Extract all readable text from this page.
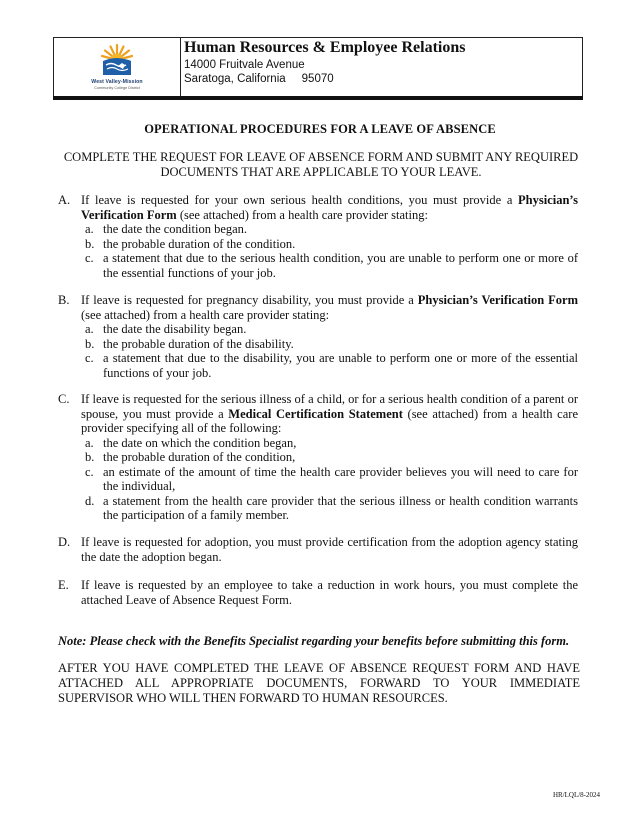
West Valley-Mission
Community College District
Human Resources & Employee Relations
14000 Fruitvale Avenue
Saratoga, California 95070
OPERATIONAL PROCEDURES FOR A LEAVE OF ABSENCE
COMPLETE THE REQUEST FOR LEAVE OF ABSENCE FORM AND SUBMIT ANY REQUIRED DOCUMENTS THAT ARE APPLICABLE TO YOUR LEAVE.
A. If leave is requested for your own serious health conditions, you must provide a Physician’s Verification Form (see attached) from a health care provider stating:
a. the date the condition began.
b. the probable duration of the condition.
c. a statement that due to the serious health condition, you are unable to perform one or more of the essential functions of your job.
B. If leave is requested for pregnancy disability, you must provide a Physician’s Verification Form (see attached) from a health care provider stating:
a. the date the disability began.
b. the probable duration of the disability.
c. a statement that due to the disability, you are unable to perform one or more of the essential functions of your job.
C. If leave is requested for the serious illness of a child, or for a serious health condition of a parent or spouse, you must provide a Medical Certification Statement (see attached) from a health care provider specifying all of the following:
a. the date on which the condition began,
b. the probable duration of the condition,
c. an estimate of the amount of time the health care provider believes you will need to care for the individual,
d. a statement from the health care provider that the serious illness or health condition warrants the participation of a family member.
D. If leave is requested for adoption, you must provide certification from the adoption agency stating the date the adoption began.
E. If leave is requested by an employee to take a reduction in work hours, you must complete the attached Leave of Absence Request Form.
Note: Please check with the Benefits Specialist regarding your benefits before submitting this form.
AFTER YOU HAVE COMPLETED THE LEAVE OF ABSENCE REQUEST FORM AND HAVE ATTACHED ALL APPROPRIATE DOCUMENTS, FORWARD TO YOUR IMMEDIATE SUPERVISOR WHO WILL THEN FORWARD TO HUMAN RESOURCES.
HR/LQL/8-2024
